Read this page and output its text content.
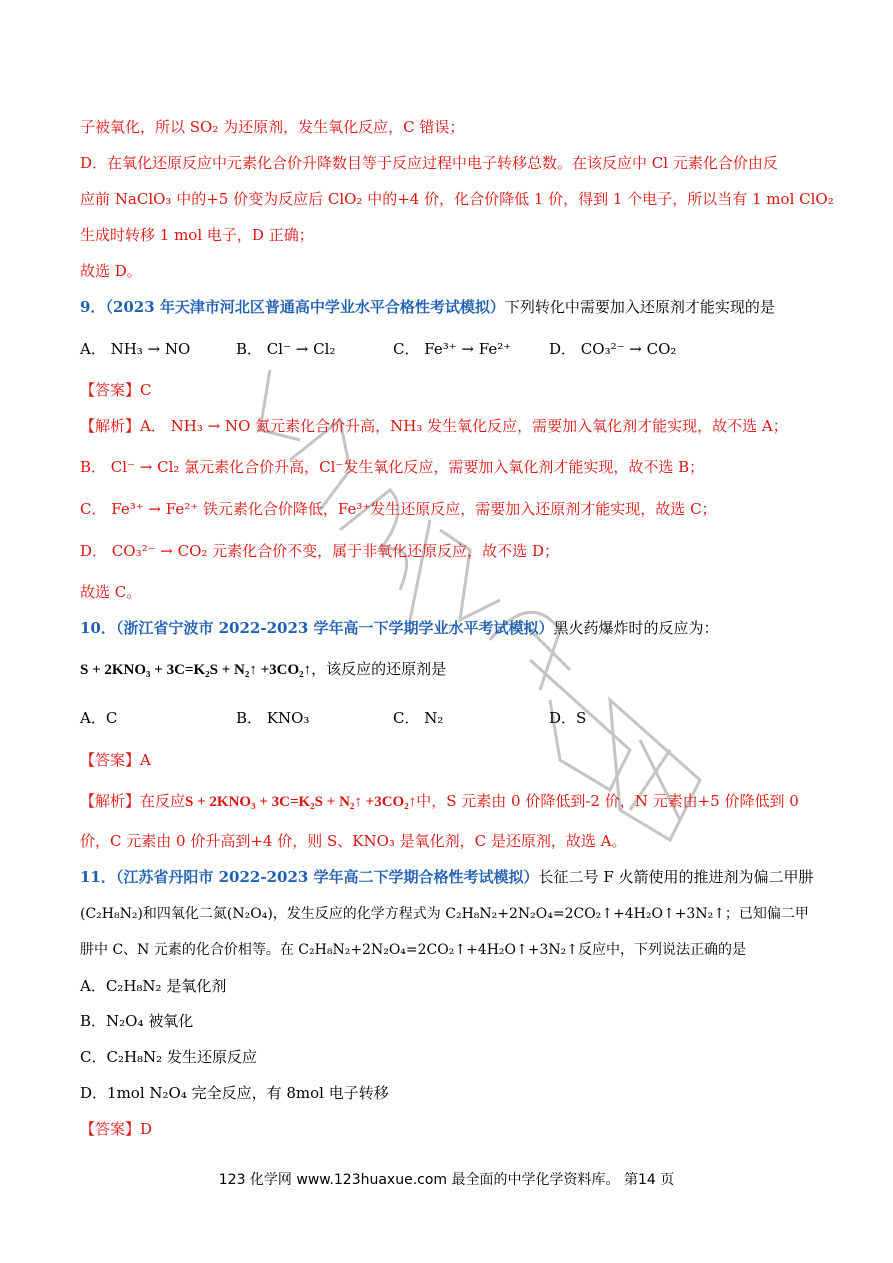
子被氧化，所以 SO₂ 为还原剂，发生氧化反应，C 错误；
D．在氧化还原反应中元素化合价升降数目等于反应过程中电子转移总数。在该反应中 Cl 元素化合价由反
应前 NaClO₃ 中的+5 价变为反应后 ClO₂ 中的+4 价，化合价降低 1 价，得到 1 个电子，所以当有 1 mol ClO₂
生成时转移 1 mol 电子，D 正确；
故选 D。
9．（2023 年天津市河北区普通高中学业水平合格性考试模拟）下列转化中需要加入还原剂才能实现的是
A． NH₃ → NO	B． Cl⁻ → Cl₂	C． Fe³⁺ → Fe²⁺	D． CO₃²⁻ → CO₂
【答案】C
【解析】A． NH₃ → NO 氮元素化合价升高，NH₃ 发生氧化反应，需要加入氧化剂才能实现，故不选 A；
B． Cl⁻ → Cl₂ 氯元素化合价升高，Cl⁻发生氧化反应，需要加入氧化剂才能实现，故不选 B；
C． Fe³⁺ → Fe²⁺ 铁元素化合价降低，Fe³⁺发生还原反应，需要加入还原剂才能实现，故选 C；
D． CO₃²⁻ → CO₂ 元素化合价不变，属于非氧化还原反应，故不选 D；
故选 C。
10．（浙江省宁波市 2022-2023 学年高一下学期学业水平考试模拟）黑火药爆炸时的反应为：
S + 2KNO₃ + 3C=K₂S + N₂↑ +3CO₂↑，该反应的还原剂是
A．C	B． KNO₃	C． N₂	D．S
【答案】A
【解析】在反应S + 2KNO₃ + 3C=K₂S + N₂↑ +3CO₂↑中，S 元素由 0 价降低到-2 价，N 元素由+5 价降低到 0
价，C 元素由 0 价升高到+4 价，则 S、KNO₃ 是氧化剂，C 是还原剂，故选 A。
11．（江苏省丹阳市 2022-2023 学年高二下学期合格性考试模拟）长征二号 F 火箭使用的推进剂为偏二甲肼
(C₂H₈N₂)和四氧化二氮(N₂O₄)，发生反应的化学方程式为 C₂H₈N₂+2N₂O₄=2CO₂↑+4H₂O↑+3N₂↑；已知偏二甲
肼中 C、N 元素的化合价相等。在 C₂H₈N₂+2N₂O₄=2CO₂↑+4H₂O↑+3N₂↑反应中，下列说法正确的是
A．C₂H₈N₂ 是氧化剂
B．N₂O₄ 被氧化
C．C₂H₈N₂ 发生还原反应
D．1mol N₂O₄ 完全反应，有 8mol 电子转移
【答案】D
123 化学网 www.123huaxue.com 最全面的中学化学资料库。 第14 页
